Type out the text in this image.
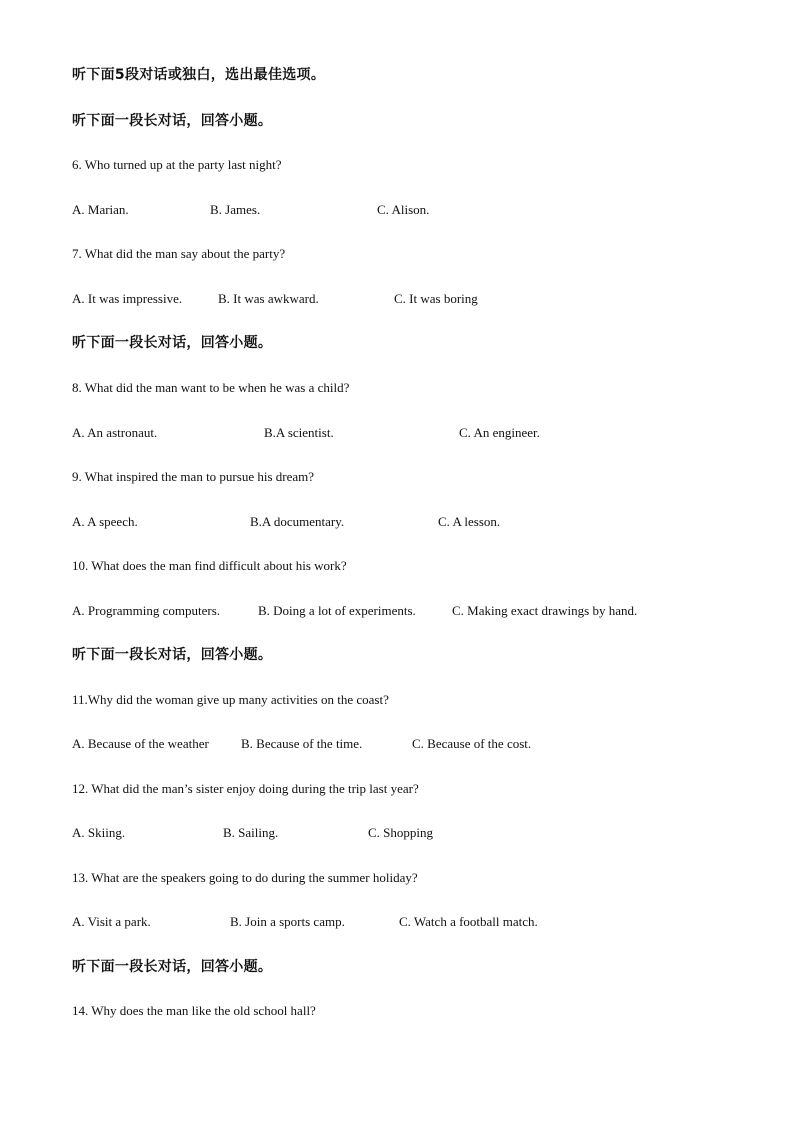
听下面5段对话或独白，选出最佳选项。
听下面一段长对话，回答小题。
6. Who turned up at the party last night?
A. Marian.	B. James.	C. Alison.
7. What did the man say about the party?
A. It was impressive.	B. It was awkward.	C. It was boring
听下面一段长对话，回答小题。
8. What did the man want to be when he was a child?
A. An astronaut.	B.A scientist.	C. An engineer.
9. What inspired the man to pursue his dream?
A. A speech.	B.A documentary.	C. A lesson.
10. What does the man find difficult about his work?
A. Programming computers.	B. Doing a lot of experiments.	C. Making exact drawings by hand.
听下面一段长对话，回答小题。
11.Why did the woman give up many activities on the coast?
A. Because of the weather B. Because of the time.	C. Because of the cost.
12. What did the man’s sister enjoy doing during the trip last year?
A. Skiing.	B. Sailing.	C. Shopping
13. What are the speakers going to do during the summer holiday?
A. Visit a park.	B. Join a sports camp.	C. Watch a football match.
听下面一段长对话，回答小题。
14. Why does the man like the old school hall?
